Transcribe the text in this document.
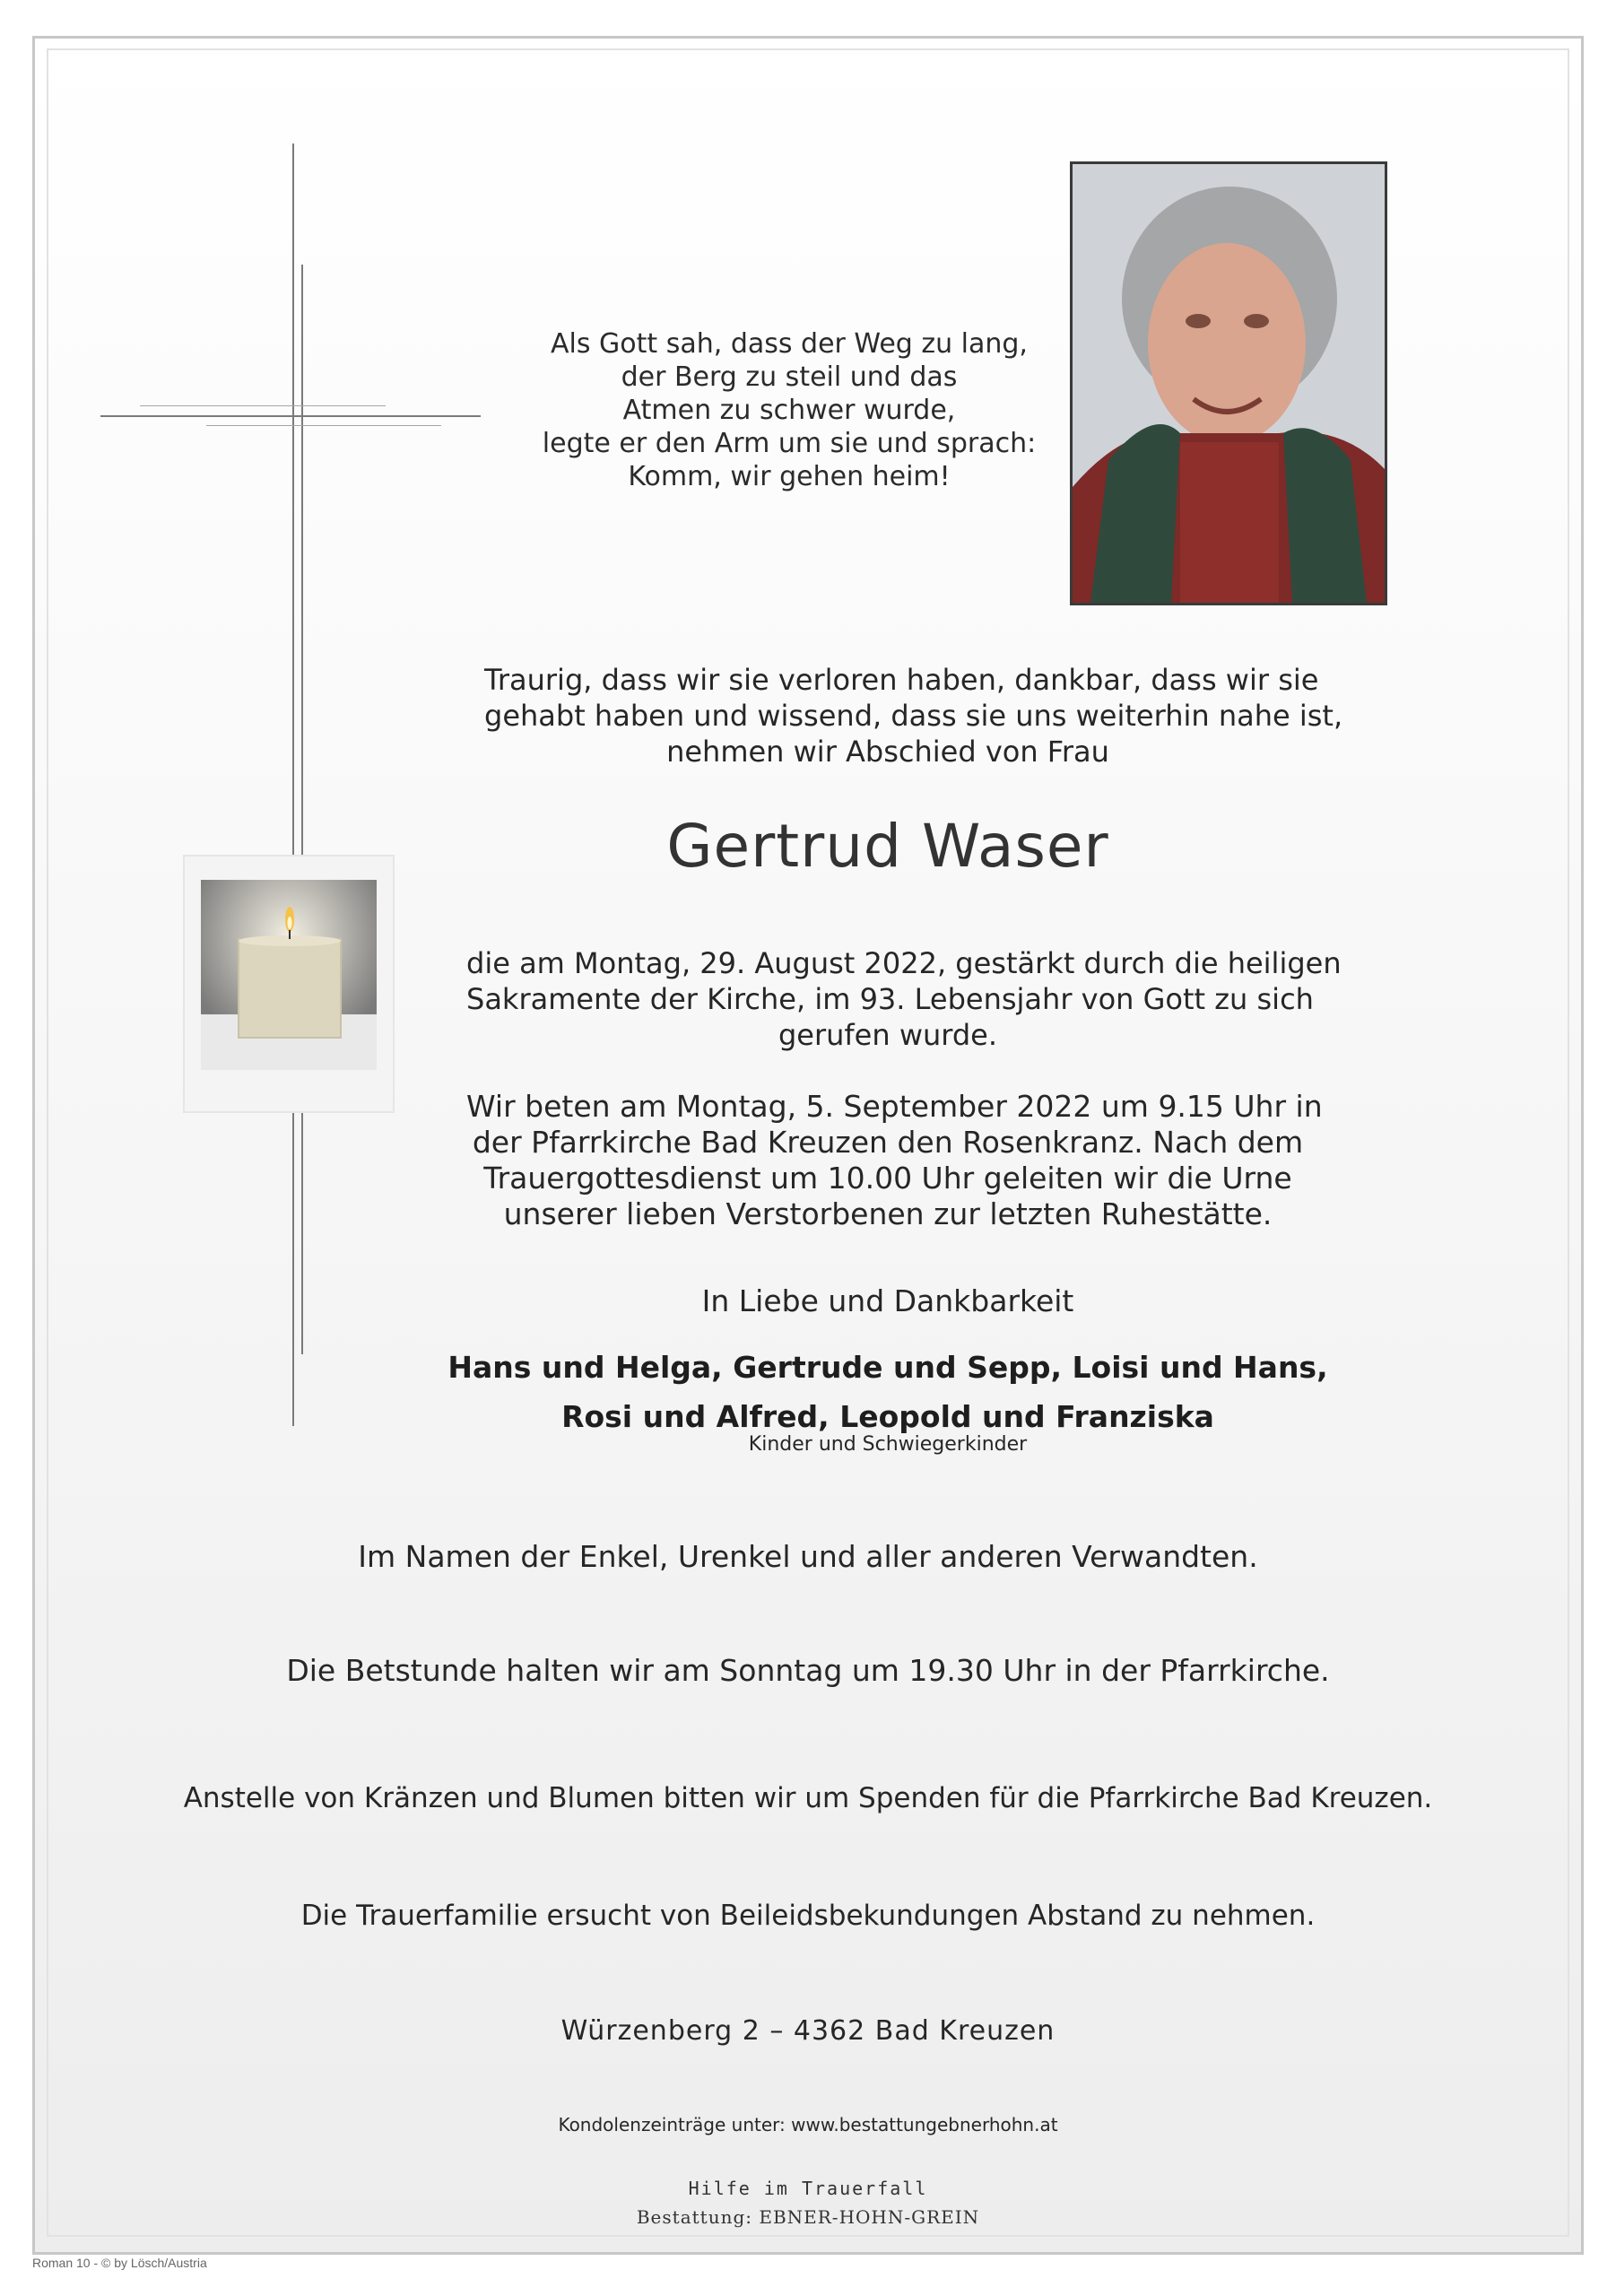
Als Gott sah, dass der Weg zu lang,
der Berg zu steil und das
Atmen zu schwer wurde,
legte er den Arm um sie und sprach:
Komm, wir gehen heim!
Traurig, dass wir sie verloren haben, dankbar, dass wir sie
gehabt haben und wissend, dass sie uns weiterhin nahe ist,
nehmen wir Abschied von Frau
Gertrud Waser
die am Montag, 29. August 2022, gestärkt durch die heiligen
Sakramente der Kirche, im 93. Lebensjahr von Gott zu sich
gerufen wurde.
Wir beten am Montag, 5. September 2022 um 9.15 Uhr in
der Pfarrkirche Bad Kreuzen den Rosenkranz. Nach dem
Trauergottesdienst um 10.00 Uhr geleiten wir die Urne
unserer lieben Verstorbenen zur letzten Ruhestätte.
In Liebe und Dankbarkeit
Hans und Helga, Gertrude und Sepp, Loisi und Hans,
Rosi und Alfred, Leopold und Franziska
Kinder und Schwiegerkinder
Im Namen der Enkel, Urenkel und aller anderen Verwandten.
Die Betstunde halten wir am Sonntag um 19.30 Uhr in der Pfarrkirche.
Anstelle von Kränzen und Blumen bitten wir um Spenden für die Pfarrkirche Bad Kreuzen.
Die Trauerfamilie ersucht von Beileidsbekundungen Abstand zu nehmen.
Würzenberg 2 – 4362 Bad Kreuzen
Kondolenzeinträge unter: www.bestattungebnerhohn.at
Hilfe im Trauerfall
Bestattung: EBNER-HOHN-GREIN
Roman 10 - © by Lösch/Austria
